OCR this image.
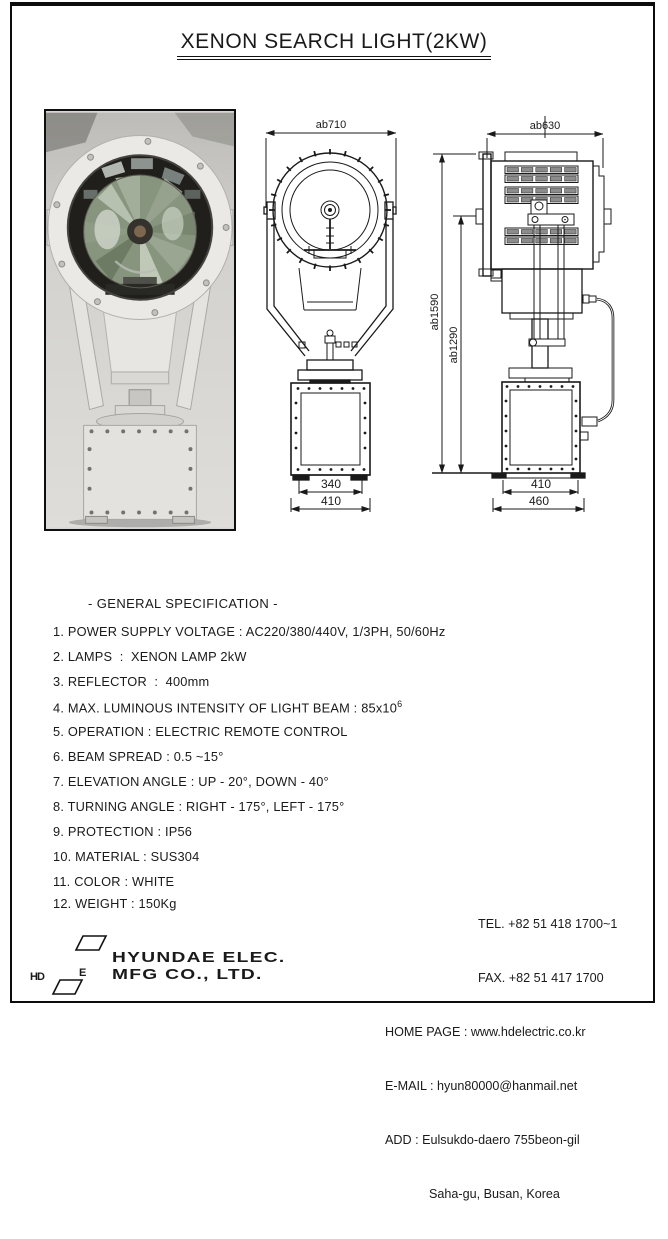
XENON SEARCH LIGHT(2KW)
ab710
340
410
ab630
ab1590
ab1290
410
460
- GENERAL SPECIFICATION -
1. POWER SUPPLY VOLTAGE : AC220/380/440V, 1/3PH, 50/60Hz
2. LAMPS  :  XENON LAMP 2kW
3. REFLECTOR  :  400mm
4. MAX. LUMINOUS INTENSITY OF LIGHT BEAM : $85x10^6$
5. OPERATION : ELECTRIC REMOTE CONTROL
6. BEAM SPREAD : 0.5 ~15°
7. ELEVATION ANGLE : UP - 20°, DOWN - 40°
8. TURNING ANGLE : RIGHT - 175°, LEFT - 175°
9. PROTECTION : IP56
10. MATERIAL : SUS304
11. COLOR : WHITE
12. WEIGHT : 150Kg

TEL. +82 51 418 1700~1

FAX. +82 51 417 1700

HOME PAGE : www.hdelectric.co.kr

E-MAIL : hyun80000@hanmail.net

ADD : Eulsukdo-daero 755beon-gil

Saha-gu, Busan, Korea

HD	E
HYUNDAE ELEC.
MFG CO., LTD.
